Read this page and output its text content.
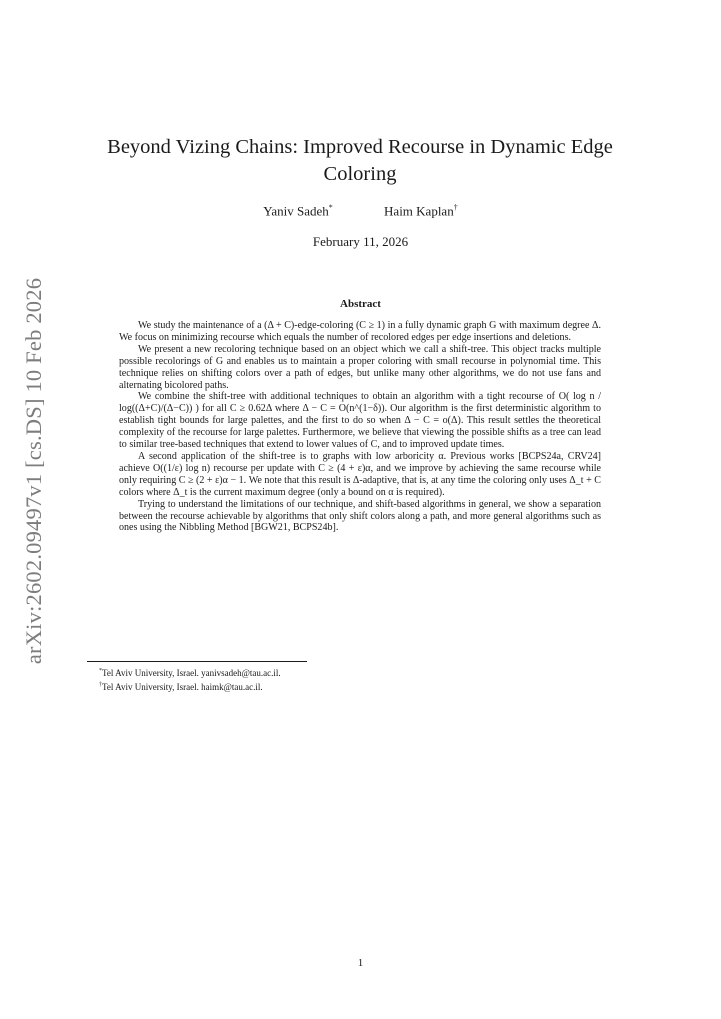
arXiv:2602.09497v1 [cs.DS] 10 Feb 2026
Beyond Vizing Chains: Improved Recourse in Dynamic Edge Coloring
Yaniv Sadeh*	Haim Kaplan†
February 11, 2026
Abstract

We study the maintenance of a (Δ + C)-edge-coloring (C ≥ 1) in a fully dynamic graph G with maximum degree Δ. We focus on minimizing recourse which equals the number of recolored edges per edge insertions and deletions.

We present a new recoloring technique based on an object which we call a shift-tree. This object tracks multiple possible recolorings of G and enables us to maintain a proper coloring with small recourse in polynomial time. This technique relies on shifting colors over a path of edges, but unlike many other algorithms, we do not use fans and alternating bicolored paths.

We combine the shift-tree with additional techniques to obtain an algorithm with a tight recourse of O( log n / log((Δ+C)/(Δ−C)) ) for all C ≥ 0.62Δ where Δ − C = O(n^(1−δ)). Our algorithm is the first deterministic algorithm to establish tight bounds for large palettes, and the first to do so when Δ − C = o(Δ). This result settles the theoretical complexity of the recourse for large palettes. Furthermore, we believe that viewing the possible shifts as a tree can lead to similar tree-based techniques that extend to lower values of C, and to improved update times.

A second application of the shift-tree is to graphs with low arboricity α. Previous works [BCPS24a, CRV24] achieve O((1/ε) log n) recourse per update with C ≥ (4 + ε)α, and we improve by achieving the same recourse while only requiring C ≥ (2 + ε)α − 1. We note that this result is Δ-adaptive, that is, at any time the coloring only uses Δ_t + C colors where Δ_t is the current maximum degree (only a bound on α is required).

Trying to understand the limitations of our technique, and shift-based algorithms in general, we show a separation between the recourse achievable by algorithms that only shift colors along a path, and more general algorithms such as ones using the Nibbling Method [BGW21, BCPS24b].

*Tel Aviv University, Israel. yanivsadeh@tau.ac.il.
†Tel Aviv University, Israel. haimk@tau.ac.il.
1
